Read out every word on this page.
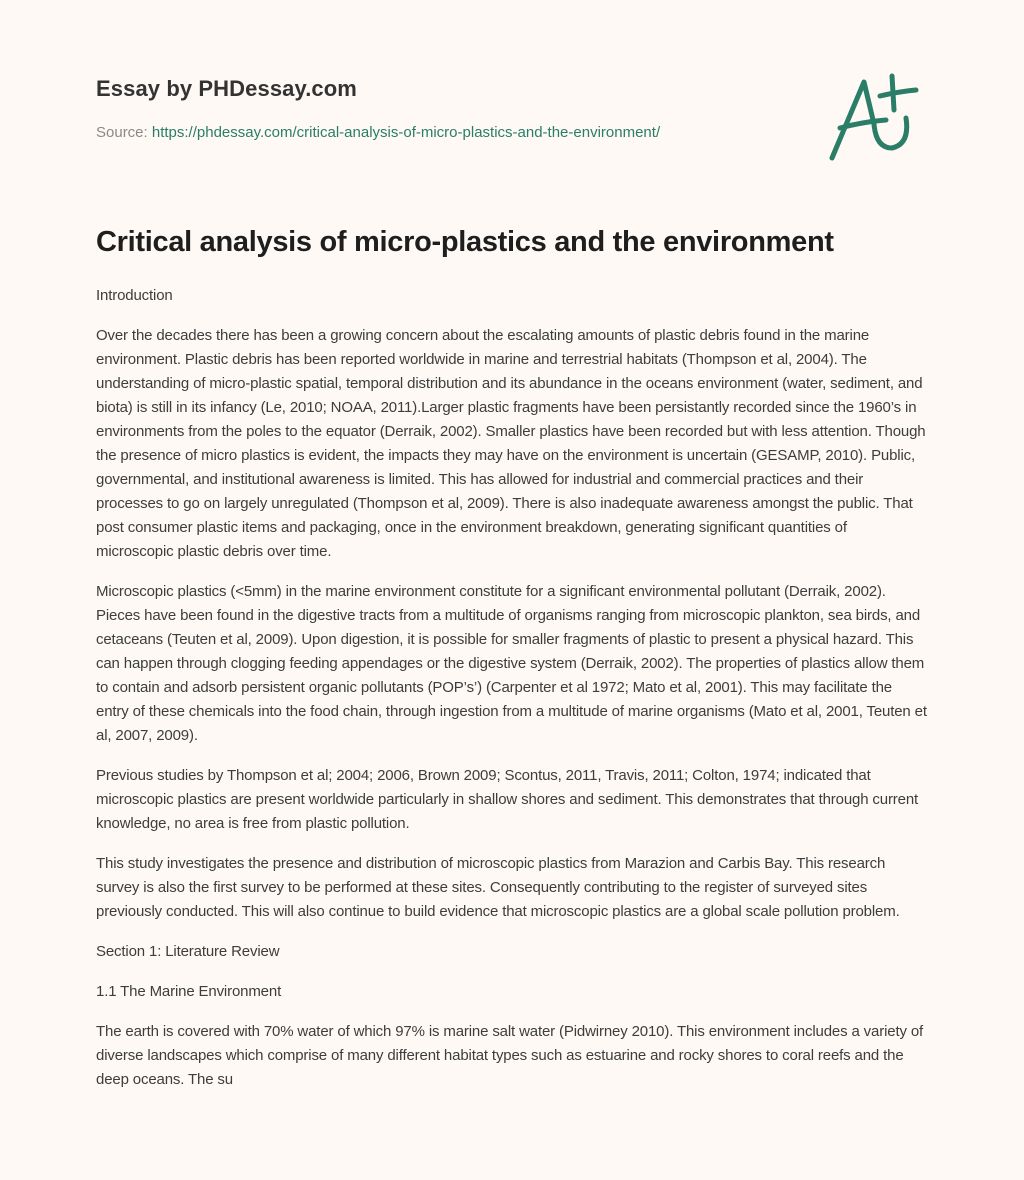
Essay by PHDessay.com
Source: https://phdessay.com/critical-analysis-of-micro-plastics-and-the-environment/
Critical analysis of micro-plastics and the environment

Introduction

Over the decades there has been a growing concern about the escalating amounts of plastic debris found in the marine environment. Plastic debris has been reported worldwide in marine and terrestrial habitats (Thompson et al, 2004). The understanding of micro-plastic spatial, temporal distribution and its abundance in the oceans environment (water, sediment, and biota) is still in its infancy (Le, 2010; NOAA, 2011).Larger plastic fragments have been persistantly recorded since the 1960’s in environments from the poles to the equator (Derraik, 2002). Smaller plastics have been recorded but with less attention. Though the presence of micro plastics is evident, the impacts they may have on the environment is uncertain (GESAMP, 2010). Public, governmental, and institutional awareness is limited. This has allowed for industrial and commercial practices and their processes to go on largely unregulated (Thompson et al, 2009). There is also inadequate awareness amongst the public. That post consumer plastic items and packaging, once in the environment breakdown, generating significant quantities of microscopic plastic debris over time.

Microscopic plastics (<5mm) in the marine environment constitute for a significant environmental pollutant (Derraik, 2002). Pieces have been found in the digestive tracts from a multitude of organisms ranging from microscopic plankton, sea birds, and cetaceans (Teuten et al, 2009). Upon digestion, it is possible for smaller fragments of plastic to present a physical hazard. This can happen through clogging feeding appendages or the digestive system (Derraik, 2002). The properties of plastics allow them to contain and adsorb persistent organic pollutants (POP’s’) (Carpenter et al 1972; Mato et al, 2001). This may facilitate the entry of these chemicals into the food chain, through ingestion from a multitude of marine organisms (Mato et al, 2001, Teuten et al, 2007, 2009).

Previous studies by Thompson et al; 2004; 2006, Brown 2009; Scontus, 2011, Travis, 2011; Colton, 1974; indicated that microscopic plastics are present worldwide particularly in shallow shores and sediment. This demonstrates that through current knowledge, no area is free from plastic pollution.

This study investigates the presence and distribution of microscopic plastics from Marazion and Carbis Bay. This research survey is also the first survey to be performed at these sites. Consequently contributing to the register of surveyed sites previously conducted. This will also continue to build evidence that microscopic plastics are a global scale pollution problem.

Section 1: Literature Review

1.1 The Marine Environment

The earth is covered with 70% water of which 97% is marine salt water (Pidwirney 2010). This environment includes a variety of diverse landscapes which comprise of many different habitat types such as estuarine and rocky shores to coral reefs and the deep oceans. The su
